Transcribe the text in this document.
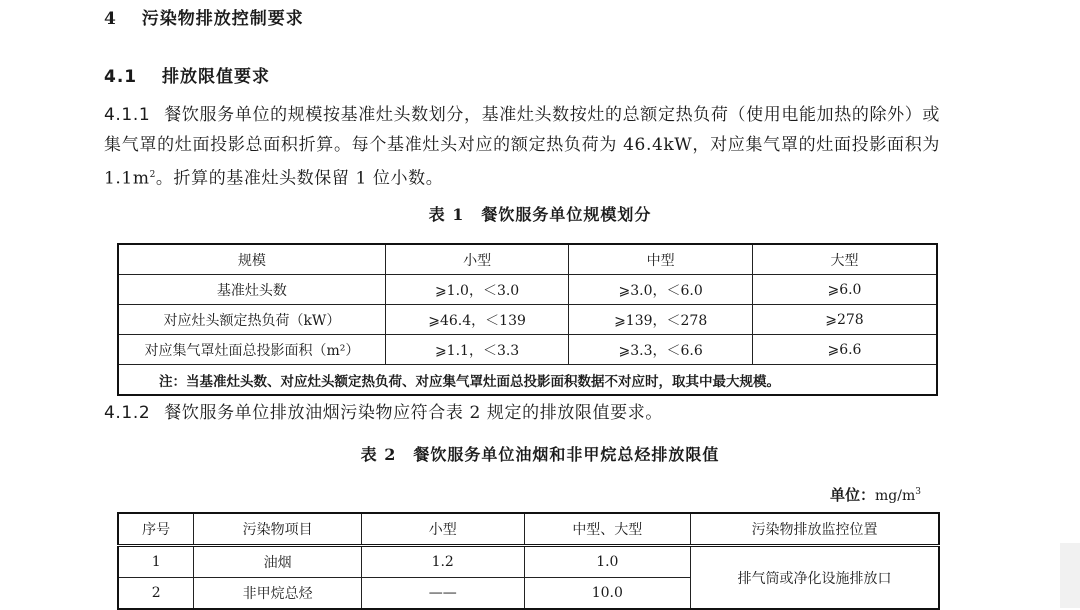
4 污染物排放控制要求
4.1 排放限值要求
4.1.1 餐饮服务单位的规模按基准灶头数划分，基准灶头数按灶的总额定热负荷（使用电能加热的除外）或集气罩的灶面投影总面积折算。每个基准灶头对应的额定热负荷为 46.4kW，对应集气罩的灶面投影面积为 $1.1m^2$。折算的基准灶头数保留 1 位小数。
表 1　餐饮服务单位规模划分
规模	小型	中型	大型
基准灶头数	⩾1.0，＜3.0	⩾3.0，＜6.0	⩾6.0
对应灶头额定热负荷（kW）	⩾46.4，＜139	⩾139，＜278	⩾278
对应集气罩灶面总投影面积（m²）	⩾1.1，＜3.3	⩾3.3，＜6.6	⩾6.6
注：当基准灶头数、对应灶头额定热负荷、对应集气罩灶面总投影面积数据不对应时，取其中最大规模。			
4.1.2 餐饮服务单位排放油烟污染物应符合表 2 规定的排放限值要求。
表 2　餐饮服务单位油烟和非甲烷总烃排放限值
单位：$mg/m^3$
序号	污染物项目	小型	中型、大型	污染物排放监控位置
1	油烟	1.2	1.0	排气筒或净化设施排放口
2	非甲烷总烃	——	10.0	
